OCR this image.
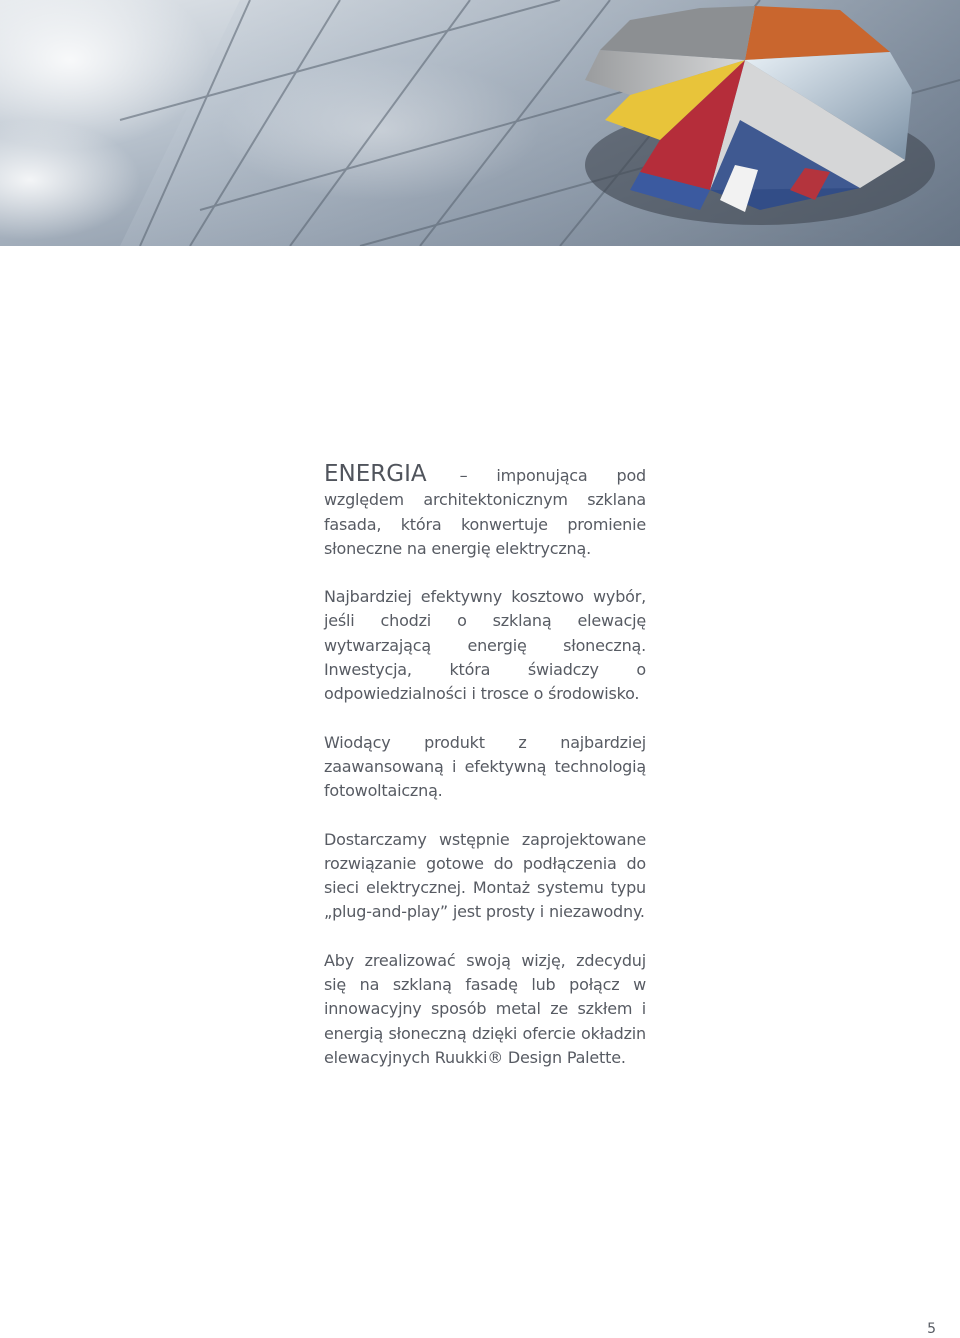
ENERGIA – imponująca pod względem architektonicznym szklana fasada, która konwertuje promienie słoneczne na energię elektryczną.

Najbardziej efektywny kosztowo wybór, jeśli chodzi o szklaną elewację wytwarzającą energię słoneczną. Inwestycja, która świadczy o odpowiedzialności i trosce o środowisko.

Wiodący produkt z najbardziej zaawansowaną i efektywną technologią fotowoltaiczną.

Dostarczamy wstępnie zaprojektowane rozwiązanie gotowe do podłączenia do sieci elektrycznej. Montaż systemu typu „plug-and-play” jest prosty i niezawodny.

Aby zrealizować swoją wizję, zdecyduj się na szklaną fasadę lub połącz w innowacyjny sposób metal ze szkłem i energią słoneczną dzięki ofercie okładzin elewacyjnych Ruukki® Design Palette.

5
